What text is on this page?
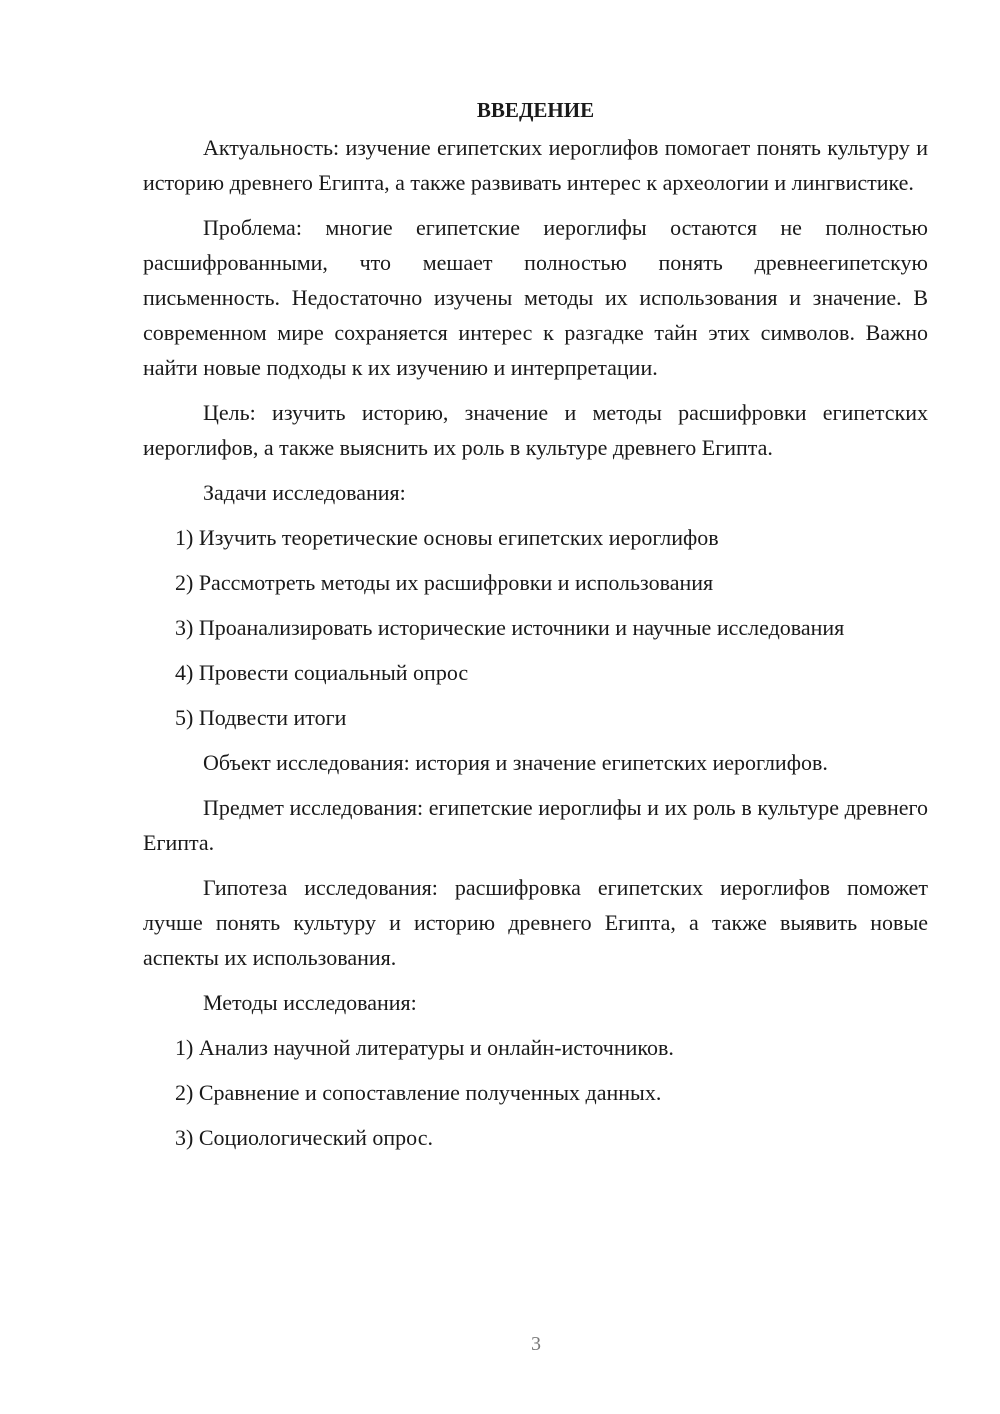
ВВЕДЕНИЕ
Актуальность: изучение египетских иероглифов помогает понять культуру и историю древнего Египта, а также развивать интерес к археологии и лингвистике.
Проблема: многие египетские иероглифы остаются не полностью расшифрованными, что мешает полностью понять древнеегипетскую письменность. Недостаточно изучены методы их использования и значение. В современном мире сохраняется интерес к разгадке тайн этих символов. Важно найти новые подходы к их изучению и интерпретации.
Цель: изучить историю, значение и методы расшифровки египетских иероглифов, а также выяснить их роль в культуре древнего Египта.
Задачи исследования:
1) Изучить теоретические основы египетских иероглифов
2) Рассмотреть методы их расшифровки и использования
3) Проанализировать исторические источники и научные исследования
4) Провести социальный опрос
5) Подвести итоги
Объект исследования: история и значение египетских иероглифов.
Предмет исследования: египетские иероглифы и их роль в культуре древнего Египта.
Гипотеза исследования: расшифровка египетских иероглифов поможет лучше понять культуру и историю древнего Египта, а также выявить новые аспекты их использования.
Методы исследования:
1) Анализ научной литературы и онлайн-источников.
2) Сравнение и сопоставление полученных данных.
3) Социологический опрос.
3
